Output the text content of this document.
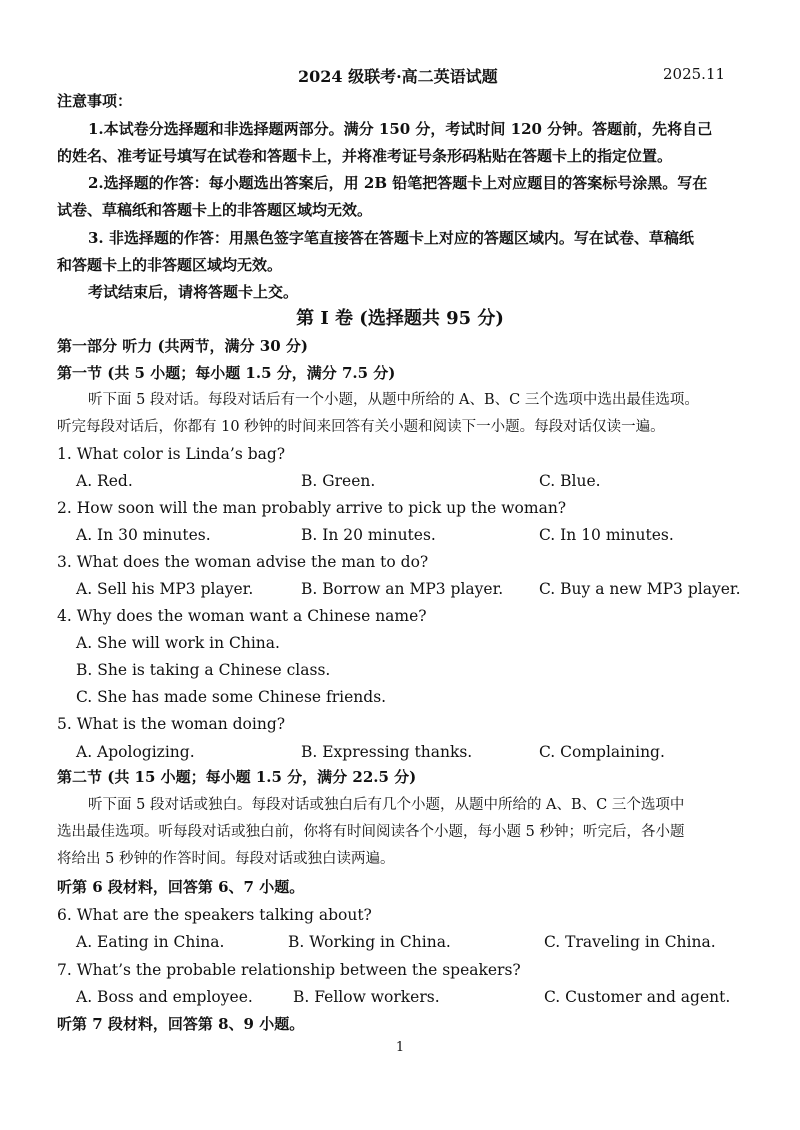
2024 级联考·高二英语试题	2025.11
注意事项：
1.本试卷分选择题和非选择题两部分。满分 150 分，考试时间 120 分钟。答题前，先将自己
的姓名、准考证号填写在试卷和答题卡上，并将准考证号条形码粘贴在答题卡上的指定位置。
2.选择题的作答：每小题选出答案后，用 2B 铅笔把答题卡上对应题目的答案标号涂黑。写在
试卷、草稿纸和答题卡上的非答题区域均无效。
3. 非选择题的作答：用黑色签字笔直接答在答题卡上对应的答题区域内。写在试卷、草稿纸
和答题卡上的非答题区域均无效。
考试结束后，请将答题卡上交。
第 I 卷 (选择题共 95 分)
第一部分 听力 (共两节，满分 30 分)
第一节 (共 5 小题；每小题 1.5 分，满分 7.5 分)
听下面 5 段对话。每段对话后有一个小题，从题中所给的 A、B、C 三个选项中选出最佳选项。
听完每段对话后，你都有 10 秒钟的时间来回答有关小题和阅读下一小题。每段对话仅读一遍。
1. What color is Linda’s bag?
A. Red.	B. Green.	C. Blue.
2. How soon will the man probably arrive to pick up the woman?
A. In 30 minutes.	B. In 20 minutes.	C. In 10 minutes.
3. What does the woman advise the man to do?
A. Sell his MP3 player.	B. Borrow an MP3 player. C. Buy a new MP3 player.
4. Why does the woman want a Chinese name?
A. She will work in China.
B. She is taking a Chinese class.
C. She has made some Chinese friends.
5. What is the woman doing?
A. Apologizing.	B. Expressing thanks.	C. Complaining.
第二节 (共 15 小题；每小题 1.5 分，满分 22.5 分)
听下面 5 段对话或独白。每段对话或独白后有几个小题，从题中所给的 A、B、C 三个选项中
选出最佳选项。听每段对话或独白前，你将有时间阅读各个小题，每小题 5 秒钟；听完后，各小题
将给出 5 秒钟的作答时间。每段对话或独白读两遍。
听第 6 段材料，回答第 6、7 小题。
6. What are the speakers talking about?
A. Eating in China.	B. Working in China.	C. Traveling in China.
7. What’s the probable relationship between the speakers?
A. Boss and employee.	B. Fellow workers.	C. Customer and agent.
听第 7 段材料，回答第 8、9 小题。
1
